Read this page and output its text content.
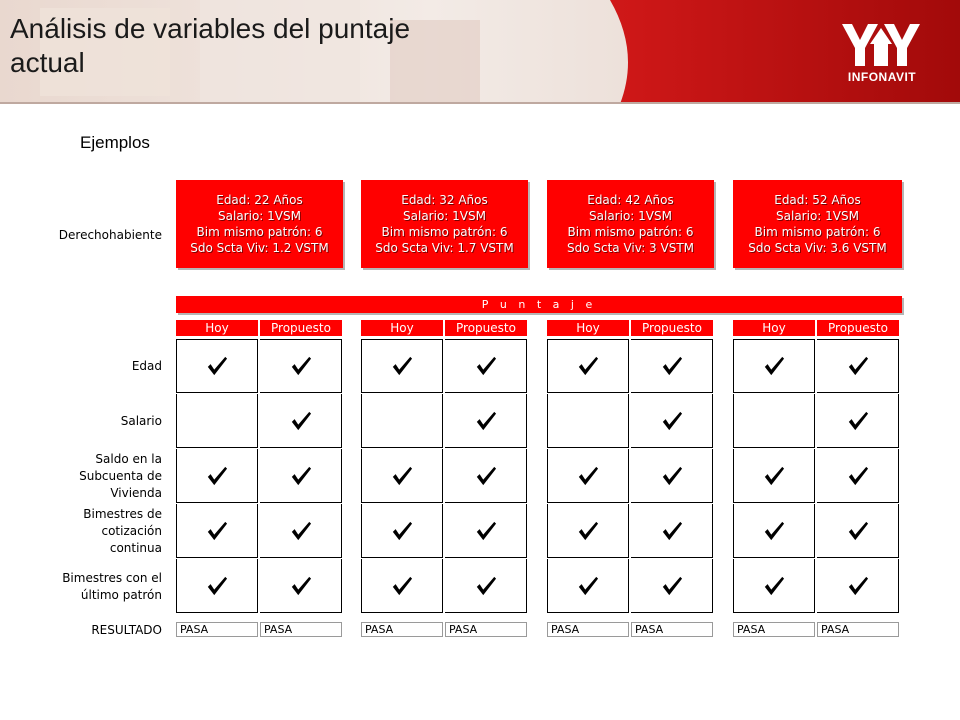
Análisis de variables del puntaje actual	INFONAVIT
Ejemplos
Derechohabiente
Edad
Salario
Saldo en la
Subcuenta de
Vivienda
Bimestres de
cotización
continua
Bimestres con el
último patrón
RESULTADO
Edad: 22 Años
Salario: 1VSM
Bim mismo patrón: 6
Sdo Scta Viv: 1.2 VSTM
Edad: 32 Años
Salario: 1VSM
Bim mismo patrón: 6
Sdo Scta Viv: 1.7 VSTM
Edad: 42 Años
Salario: 1VSM
Bim mismo patrón: 6
Sdo Scta Viv: 3 VSTM
Edad: 52 Años
Salario: 1VSM
Bim mismo patrón: 6
Sdo Scta Viv: 3.6 VSTM
P u n t a j e
Hoy
PASA
Propuesto
PASA
Hoy
PASA
Propuesto
PASA
Hoy
PASA
Propuesto
PASA
Hoy
PASA
Propuesto
PASA
